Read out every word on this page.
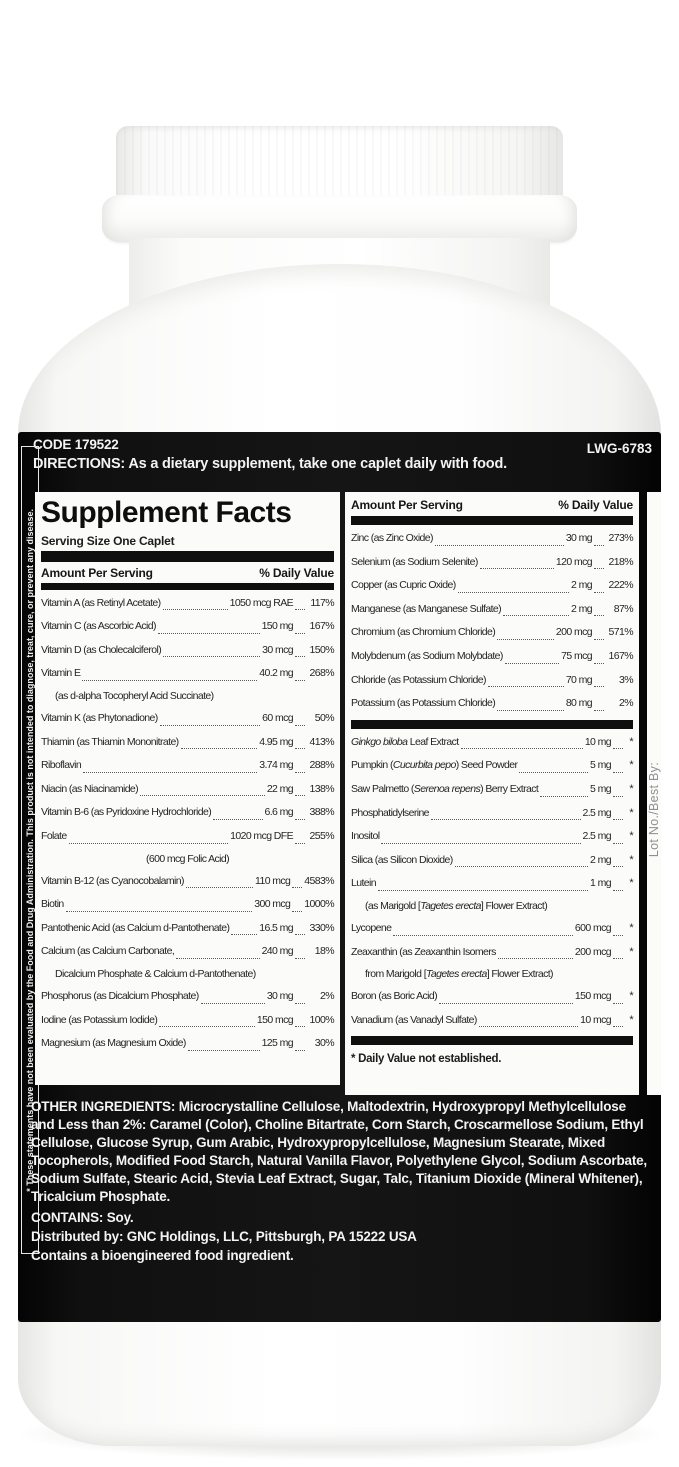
CODE 179522	LWG-6783
DIRECTIONS: As a dietary supplement, take one caplet daily with food.
* These statements have not been evaluated by the Food and Drug Administration. This product is not intended to diagnose, treat, cure, or prevent any disease. Supplement Facts
Serving Size One Caplet
Amount Per Serving	% Daily Value
Vitamin A (as Retinyl Acetate)	1050 mcg RAE	117%
Vitamin C (as Ascorbic Acid)	150 mg 167%
Vitamin D (as Cholecalciferol)	30 mcg 150%
Vitamin E	40.2 mg 268%
(as d-alpha Tocopheryl Acid Succinate)
Vitamin K (as Phytonadione)	60 mcg	50%
Thiamin (as Thiamin Mononitrate)	4.95 mg 413%
Riboflavin	3.74 mg 288%
Niacin (as Niacinamide)	22 mg 138%
Vitamin B-6 (as Pyridoxine Hydrochloride)	6.6 mg 388%
Folate	1020 mcg DFE 255%
(600 mcg Folic Acid)
Vitamin B-12 (as Cyanocobalamin)	110 mcg 4583%
Biotin	300 mcg 1000%
Pantothenic Acid (as Calcium d-Pantothenate)	16.5 mg 330%
Calcium (as Calcium Carbonate,	240 mg	18%
Dicalcium Phosphate & Calcium d-Pantothenate)
Phosphorus (as Dicalcium Phosphate)	30 mg	2%
Iodine (as Potassium Iodide)	150 mcg 100%
Magnesium (as Magnesium Oxide)	125 mg	30%
Amount Per Serving	% Daily Value
Zinc (as Zinc Oxide)	30 mg 273%
Selenium (as Sodium Selenite)	120 mcg 218%
Copper (as Cupric Oxide)	2 mg 222%
Manganese (as Manganese Sulfate)	2 mg	87%
Chromium (as Chromium Chloride)	200 mcg 571%
Molybdenum (as Sodium Molybdate)	75 mcg 167%
Chloride (as Potassium Chloride)	70 mg	3%
Potassium (as Potassium Chloride)	80 mg	2%
Ginkgo biloba Leaf Extract	10 mg	*
Pumpkin (Cucurbita pepo) Seed Powder	5 mg	*
Saw Palmetto (Serenoa repens) Berry Extract	5 mg	*
Phosphatidylserine	2.5 mg	*
Inositol	2.5 mg	*
Silica (as Silicon Dioxide)	2 mg	*
Lutein	1 mg	*
(as Marigold [Tagetes erecta] Flower Extract)
Lycopene	600 mcg	*
Zeaxanthin (as Zeaxanthin Isomers	200 mcg	*
from Marigold [Tagetes erecta] Flower Extract)
Boron (as Boric Acid)	150 mcg	*
Vanadium (as Vanadyl Sulfate)	10 mcg	*
* Daily Value not established.
Lot No./Best By:

OTHER INGREDIENTS: Microcrystalline Cellulose, Maltodextrin, Hydroxypropyl Methylcellulose and Less than 2%: Caramel (Color), Choline Bitartrate, Corn Starch, Croscarmellose Sodium, Ethyl Cellulose, Glucose Syrup, Gum Arabic, Hydroxypropylcellulose, Magnesium Stearate, Mixed Tocopherols, Modified Food Starch, Natural Vanilla Flavor, Polyethylene Glycol, Sodium Ascorbate, Sodium Sulfate, Stearic Acid, Stevia Leaf Extract, Sugar, Talc, Titanium Dioxide (Mineral Whitener), Tricalcium Phosphate.

CONTAINS: Soy.

Distributed by: GNC Holdings, LLC, Pittsburgh, PA 15222 USA

Contains a bioengineered food ingredient.
